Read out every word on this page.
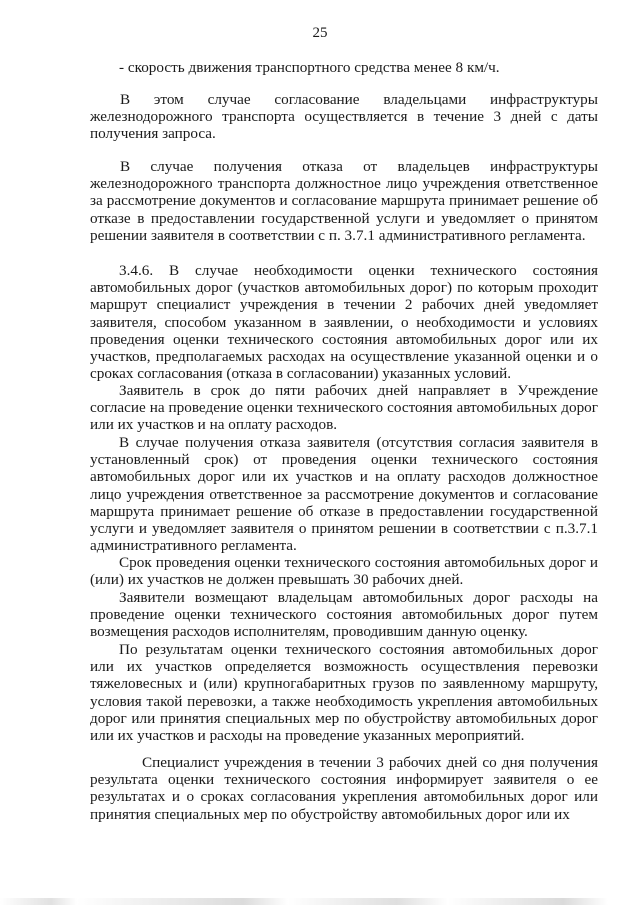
25

- скорость движения транспортного средства менее 8 км/ч.

В этом случае согласование владельцами инфраструктуры железнодорожного транспорта осуществляется в течение 3 дней с даты получения запроса.

В случае получения отказа от владельцев инфраструктуры железнодорожного транспорта должностное лицо учреждения ответственное за рассмотрение документов и согласование маршрута принимает решение об отказе в предоставлении государственной услуги и уведомляет о принятом решении заявителя в соответствии с п. 3.7.1 административного регламента.

3.4.6. В случае необходимости оценки технического состояния автомобильных дорог (участков автомобильных дорог) по которым проходит маршрут специалист учреждения в течении 2 рабочих дней уведомляет заявителя, способом указанном в заявлении, о необходимости и условиях проведения оценки технического состояния автомобильных дорог или их участков, предполагаемых расходах на осуществление указанной оценки и о сроках согласования (отказа в согласовании) указанных условий.

Заявитель в срок до пяти рабочих дней направляет в Учреждение согласие на проведение оценки технического состояния автомобильных дорог или их участков и на оплату расходов.

В случае получения отказа заявителя (отсутствия согласия заявителя в установленный срок) от проведения оценки технического состояния автомобильных дорог или их участков и на оплату расходов должностное лицо учреждения ответственное за рассмотрение документов и согласование маршрута принимает решение об отказе в предоставлении государственной услуги и уведомляет заявителя о принятом решении в соответствии с п.3.7.1 административного регламента.

Срок проведения оценки технического состояния автомобильных дорог и (или) их участков не должен превышать 30 рабочих дней.

Заявители возмещают владельцам автомобильных дорог расходы на проведение оценки технического состояния автомобильных дорог путем возмещения расходов исполнителям, проводившим данную оценку.

По результатам оценки технического состояния автомобильных дорог или их участков определяется возможность осуществления перевозки тяжеловесных и (или) крупногабаритных грузов по заявленному маршруту, условия такой перевозки, а также необходимость укрепления автомобильных дорог или принятия специальных мер по обустройству автомобильных дорог или их участков и расходы на проведение указанных мероприятий.

Специалист учреждения в течении 3 рабочих дней со дня получения результата оценки технического состояния информирует заявителя о ее результатах и о сроках согласования укрепления автомобильных дорог или принятия специальных мер по обустройству автомобильных дорог или их
